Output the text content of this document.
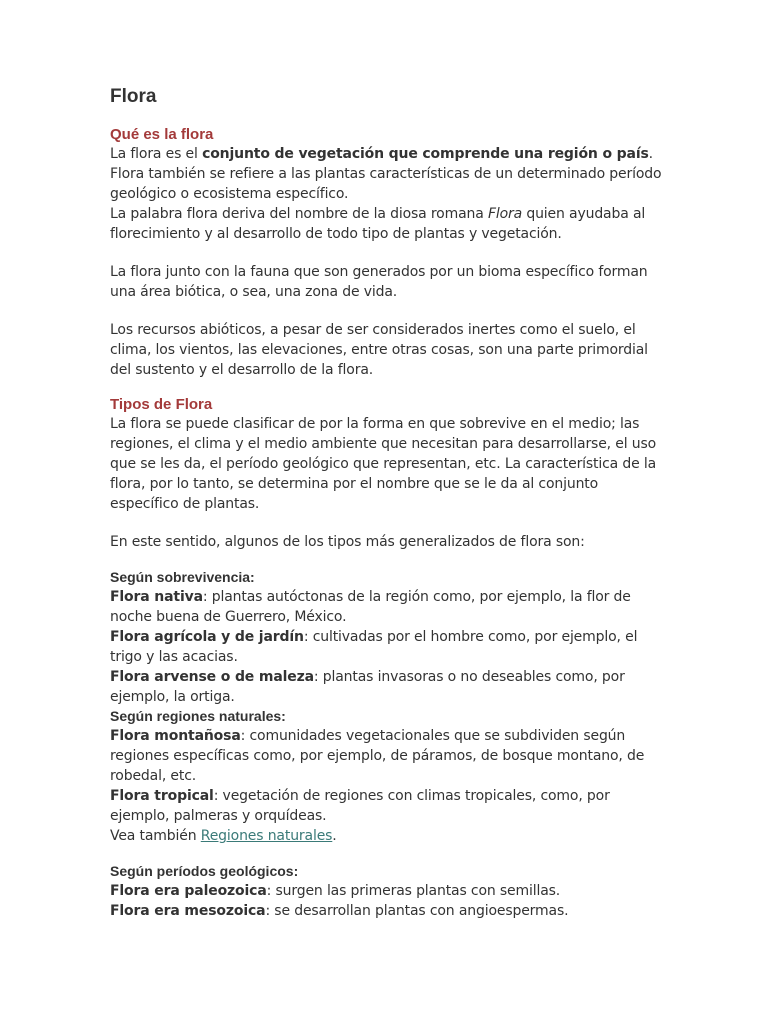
Flora
Qué es la flora

La flora es el conjunto de vegetación que comprende una región o país. Flora también se refiere a las plantas características de un determinado período geológico o ecosistema específico.

La palabra flora deriva del nombre de la diosa romana Flora quien ayudaba al florecimiento y al desarrollo de todo tipo de plantas y vegetación.

La flora junto con la fauna que son generados por un bioma específico forman una área biótica, o sea, una zona de vida.

Los recursos abióticos, a pesar de ser considerados inertes como el suelo, el clima, los vientos, las elevaciones, entre otras cosas, son una parte primordial del sustento y el desarrollo de la flora.

Tipos de Flora

La flora se puede clasificar de por la forma en que sobrevive en el medio; las regiones, el clima y el medio ambiente que necesitan para desarrollarse, el uso que se les da, el período geológico que representan, etc. La característica de la flora, por lo tanto, se determina por el nombre que se le da al conjunto específico de plantas.

En este sentido, algunos de los tipos más generalizados de flora son:

Según sobrevivencia:

Flora nativa: plantas autóctonas de la región como, por ejemplo, la flor de noche buena de Guerrero, México.

Flora agrícola y de jardín: cultivadas por el hombre como, por ejemplo, el trigo y las acacias.

Flora arvense o de maleza: plantas invasoras o no deseables como, por ejemplo, la ortiga.

Según regiones naturales:

Flora montañosa: comunidades vegetacionales que se subdividen según regiones específicas como, por ejemplo, de páramos, de bosque montano, de robedal, etc.

Flora tropical: vegetación de regiones con climas tropicales, como, por ejemplo, palmeras y orquídeas.

Vea también Regiones naturales.

Según períodos geológicos:

Flora era paleozoica: surgen las primeras plantas con semillas.

Flora era mesozoica: se desarrollan plantas con angioespermas.
